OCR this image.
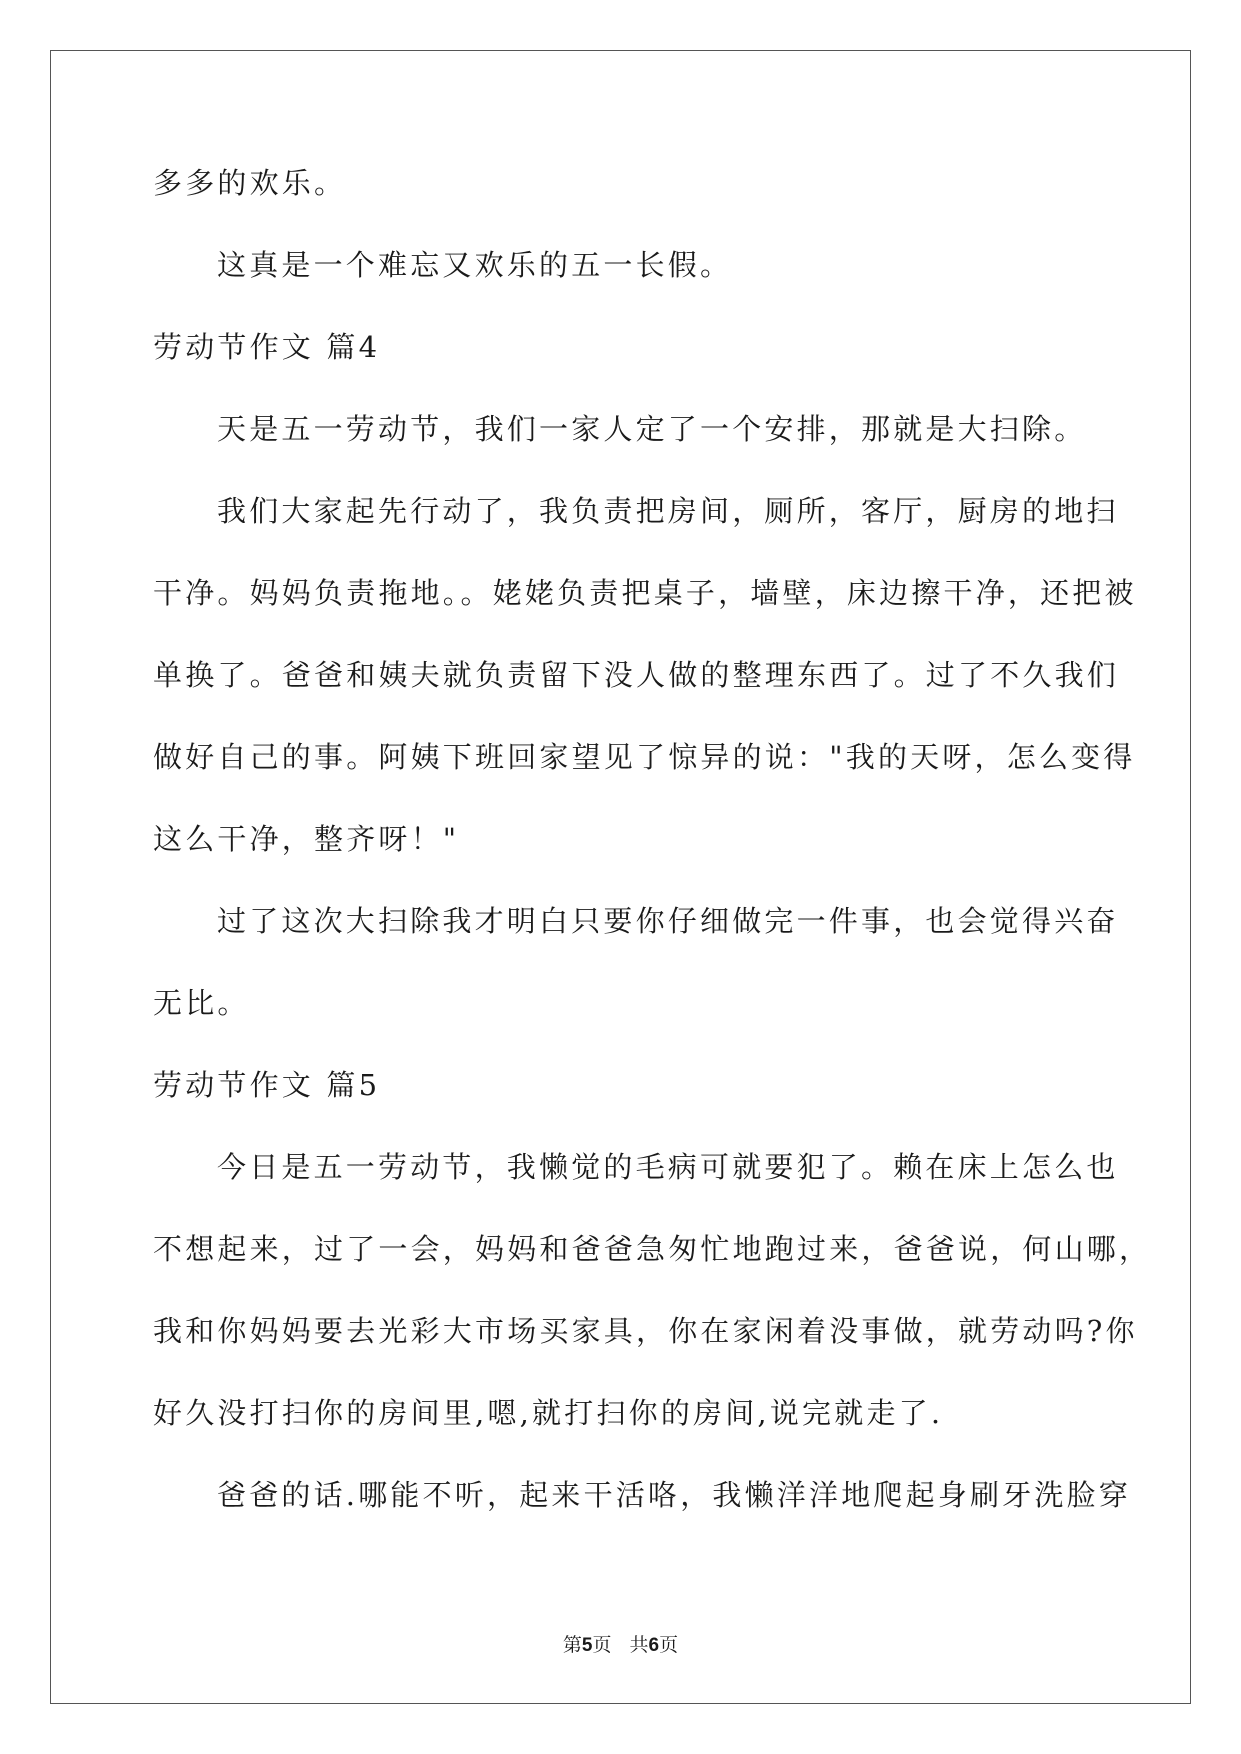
多多的欢乐。

这真是一个难忘又欢乐的五一长假。

劳动节作文 篇4

天是五一劳动节，我们一家人定了一个安排，那就是大扫除。

我们大家起先行动了，我负责把房间，厕所，客厅，厨房的地扫

干净。妈妈负责拖地。。姥姥负责把桌子，墙壁，床边擦干净，还把被

单换了。爸爸和姨夫就负责留下没人做的整理东西了。过了不久我们

做好自己的事。阿姨下班回家望见了惊异的说："我的天呀，怎么变得

这么干净，整齐呀！"

过了这次大扫除我才明白只要你仔细做完一件事，也会觉得兴奋

无比。

劳动节作文 篇5

今日是五一劳动节，我懒觉的毛病可就要犯了。赖在床上怎么也

不想起来，过了一会，妈妈和爸爸急匆忙地跑过来，爸爸说，何山哪，

我和你妈妈要去光彩大市场买家具，你在家闲着没事做，就劳动吗?你

好久没打扫你的房间里,嗯,就打扫你的房间,说完就走了.

爸爸的话.哪能不听，起来干活咯，我懒洋洋地爬起身刷牙洗脸穿

第5页 共6页
